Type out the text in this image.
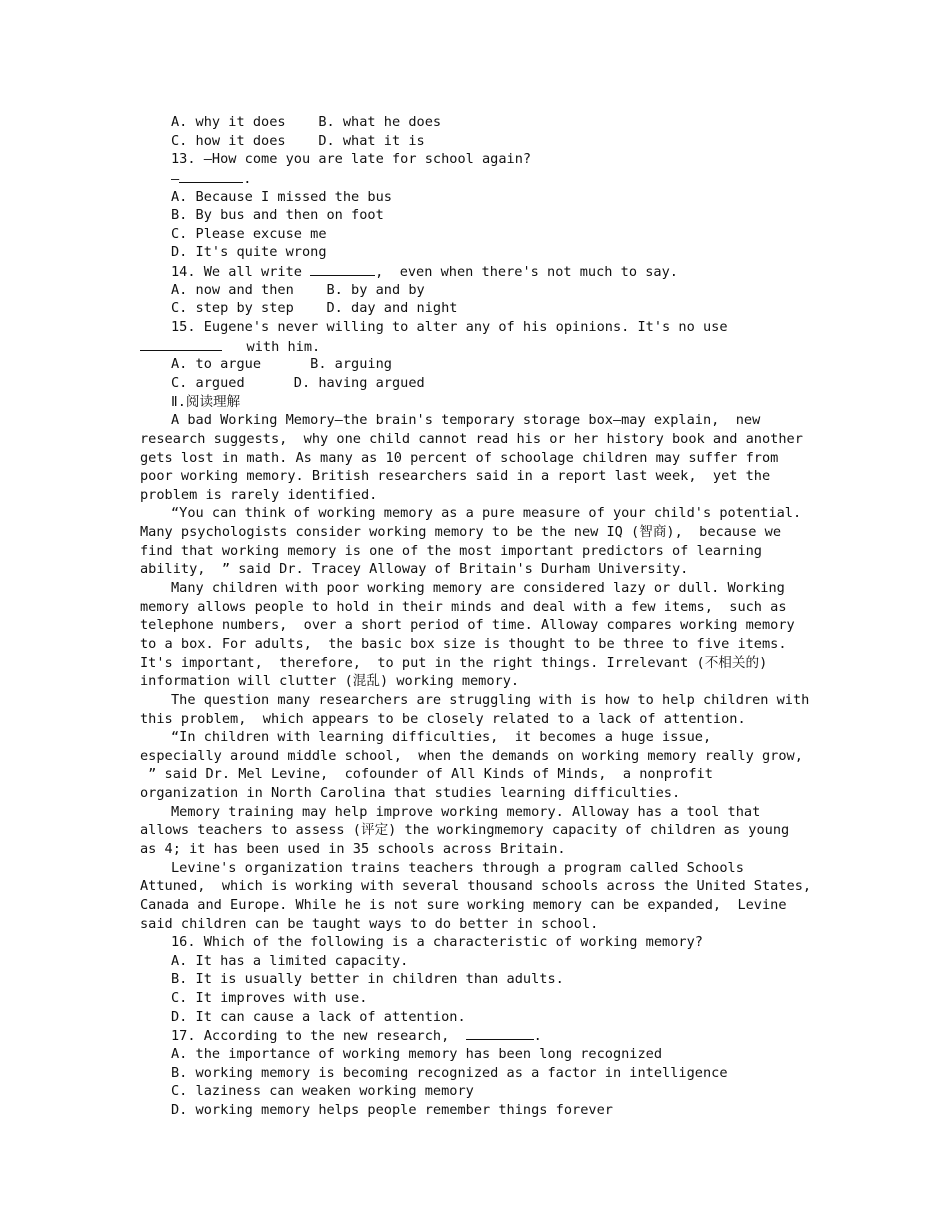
A. why it does    B. what he does
C. how it does    D. what it is
13. —How come you are late for school again?
—	.
A. Because I missed the bus
B. By bus and then on foot
C. Please excuse me
D. It's quite wrong
14. We all write	,  even when there's not much to say.
A. now and then    B. by and by
C. step by step    D. day and night
15. Eugene's never willing to alter any of his opinions. It's no use
with him.
A. to argue      B. arguing
C. argued      D. having argued
Ⅱ.阅读理解
A bad Working Memory—the brain's temporary storage box—may explain,  new
research suggests,  why one child cannot read his or her history book and another
gets lost in math. As many as 10 percent of schoolage children may suffer from
poor working memory. British researchers said in a report last week,  yet the
problem is rarely identified.
“You can think of working memory as a pure measure of your child's potential.
Many psychologists consider working memory to be the new IQ (智商),  because we
find that working memory is one of the most important predictors of learning
ability,  ” said Dr. Tracey Alloway of Britain's Durham University.
Many children with poor working memory are considered lazy or dull. Working
memory allows people to hold in their minds and deal with a few items,  such as
telephone numbers,  over a short period of time. Alloway compares working memory
to a box. For adults,  the basic box size is thought to be three to five items.
It's important,  therefore,  to put in the right things. Irrelevant (不相关的)
information will clutter (混乱) working memory.
The question many researchers are struggling with is how to help children with
this problem,  which appears to be closely related to a lack of attention.
“In children with learning difficulties,  it becomes a huge issue,
especially around middle school,  when the demands on working memory really grow,
” said Dr. Mel Levine,  cofounder of All Kinds of Minds,  a nonprofit
organization in North Carolina that studies learning difficulties.
Memory training may help improve working memory. Alloway has a tool that
allows teachers to assess (评定) the workingmemory capacity of children as young
as 4; it has been used in 35 schools across Britain.
Levine's organization trains teachers through a program called Schools
Attuned,  which is working with several thousand schools across the United States,
Canada and Europe. While he is not sure working memory can be expanded,  Levine
said children can be taught ways to do better in school.
16. Which of the following is a characteristic of working memory?
A. It has a limited capacity.
B. It is usually better in children than adults.
C. It improves with use.
D. It can cause a lack of attention.
17. According to the new research,	.
A. the importance of working memory has been long recognized
B. working memory is becoming recognized as a factor in intelligence
C. laziness can weaken working memory
D. working memory helps people remember things forever
